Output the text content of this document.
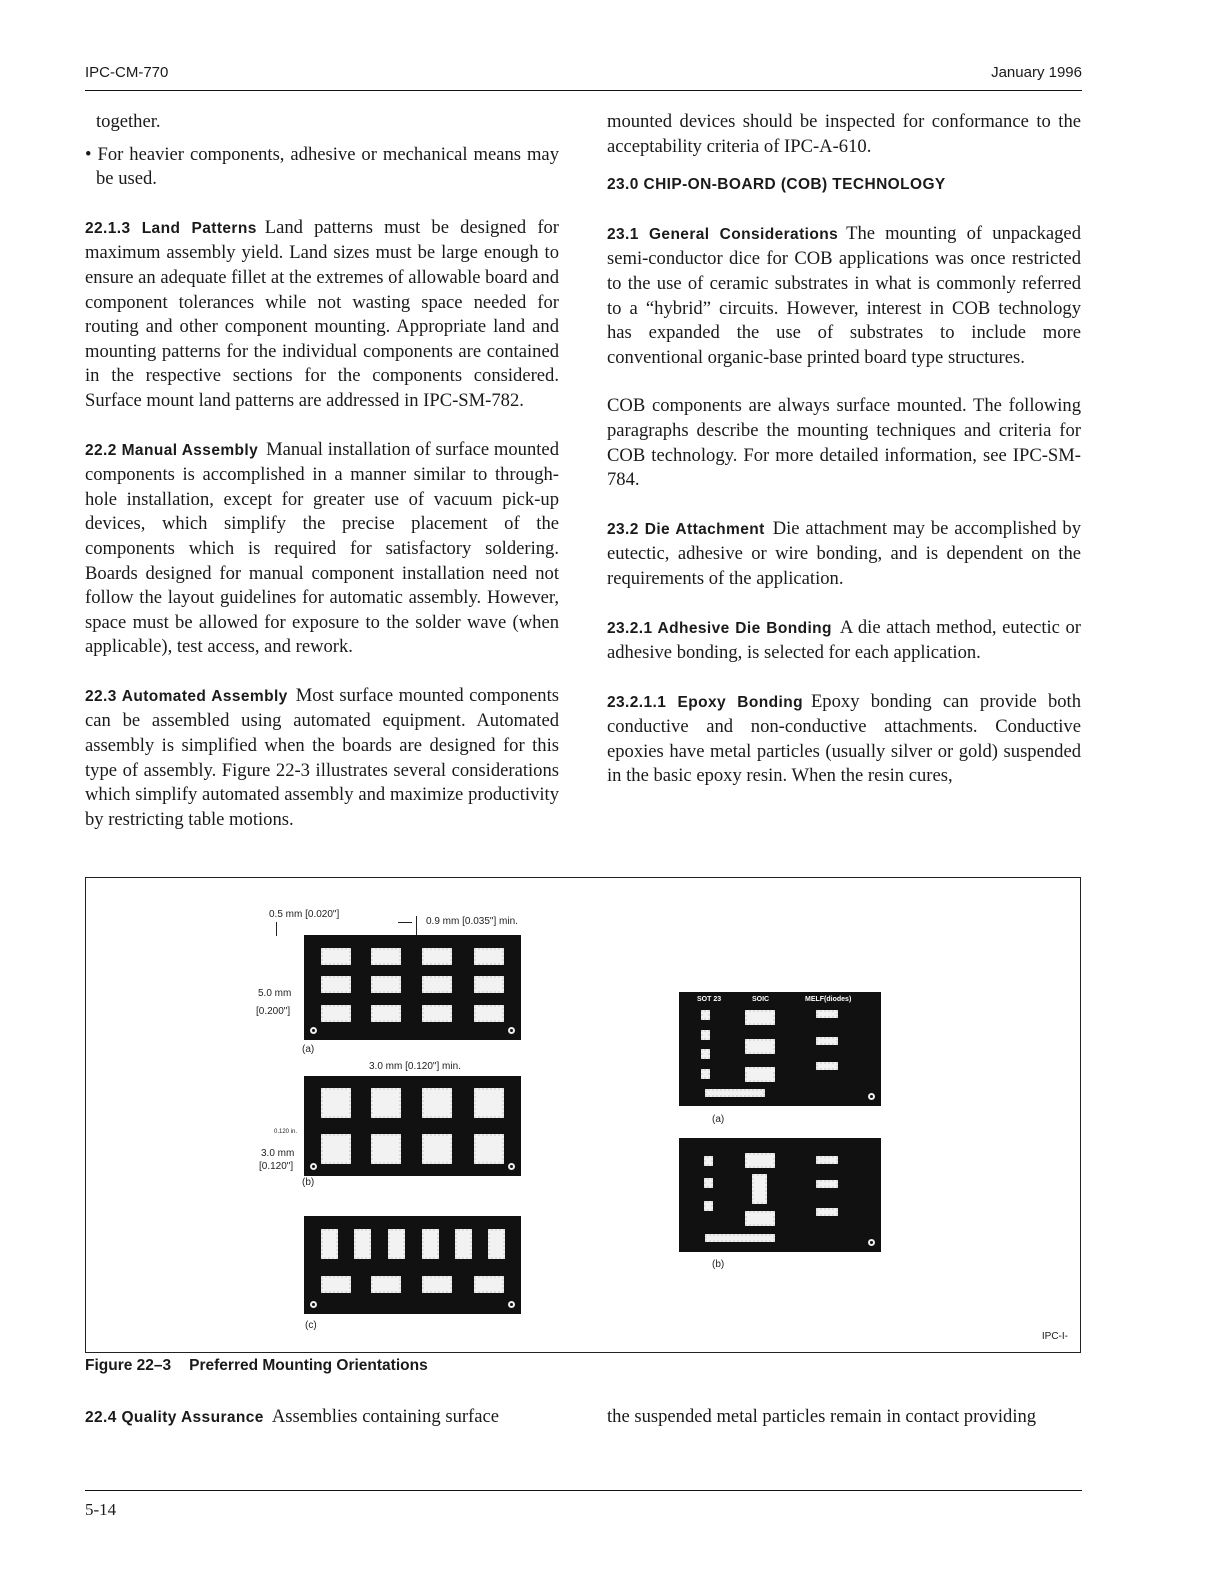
IPC-CM-770	January 1996

together.

• For heavier components, adhesive or mechanical means may be used.

22.1.3 Land Patterns Land patterns must be designed for maximum assembly yield. Land sizes must be large enough to ensure an adequate fillet at the extremes of allowable board and component tolerances while not wasting space needed for routing and other component mounting. Appropriate land and mounting patterns for the individual components are contained in the respective sections for the components considered. Surface mount land patterns are addressed in IPC-SM-782.

22.2 Manual Assembly Manual installation of surface mounted components is accomplished in a manner similar to through-hole installation, except for greater use of vacuum pick-up devices, which simplify the precise placement of the components which is required for satisfactory soldering. Boards designed for manual component installation need not follow the layout guidelines for automatic assembly. However, space must be allowed for exposure to the solder wave (when applicable), test access, and rework.

22.3 Automated Assembly Most surface mounted components can be assembled using automated equipment. Automated assembly is simplified when the boards are designed for this type of assembly. Figure 22-3 illustrates several considerations which simplify automated assembly and maximize productivity by restricting table motions.

mounted devices should be inspected for conformance to the acceptability criteria of IPC-A-610.

23.0 CHIP-ON-BOARD (COB) TECHNOLOGY

23.1 General Considerations The mounting of unpackaged semi-conductor dice for COB applications was once restricted to the use of ceramic substrates in what is commonly referred to a “hybrid” circuits. However, interest in COB technology has expanded the use of substrates to include more conventional organic-base printed board type structures.

COB components are always surface mounted. The following paragraphs describe the mounting techniques and criteria for COB technology. For more detailed information, see IPC-SM-784.

23.2 Die Attachment Die attachment may be accomplished by eutectic, adhesive or wire bonding, and is dependent on the requirements of the application.

23.2.1 Adhesive Die Bonding A die attach method, eutectic or adhesive bonding, is selected for each application.

23.2.1.1 Epoxy Bonding Epoxy bonding can provide both conductive and non-conductive attachments. Conductive epoxies have metal particles (usually silver or gold) suspended in the basic epoxy resin. When the resin cures,

0.5 mm [0.020"]
0.9 mm [0.035"] min.
5.0 mm
[0.200"]
(a)
3.0 mm [0.120"] min.
0.120 in.
3.0 mm
[0.120"]
(b)
(c)
SOT 23	SOIC	MELF(diodes)
(a)
(b)
IPC-I-
Figure 22–3 Preferred Mounting Orientations
22.4 Quality Assurance Assemblies containing surface	the suspended metal particles remain in contact providing
5-14
